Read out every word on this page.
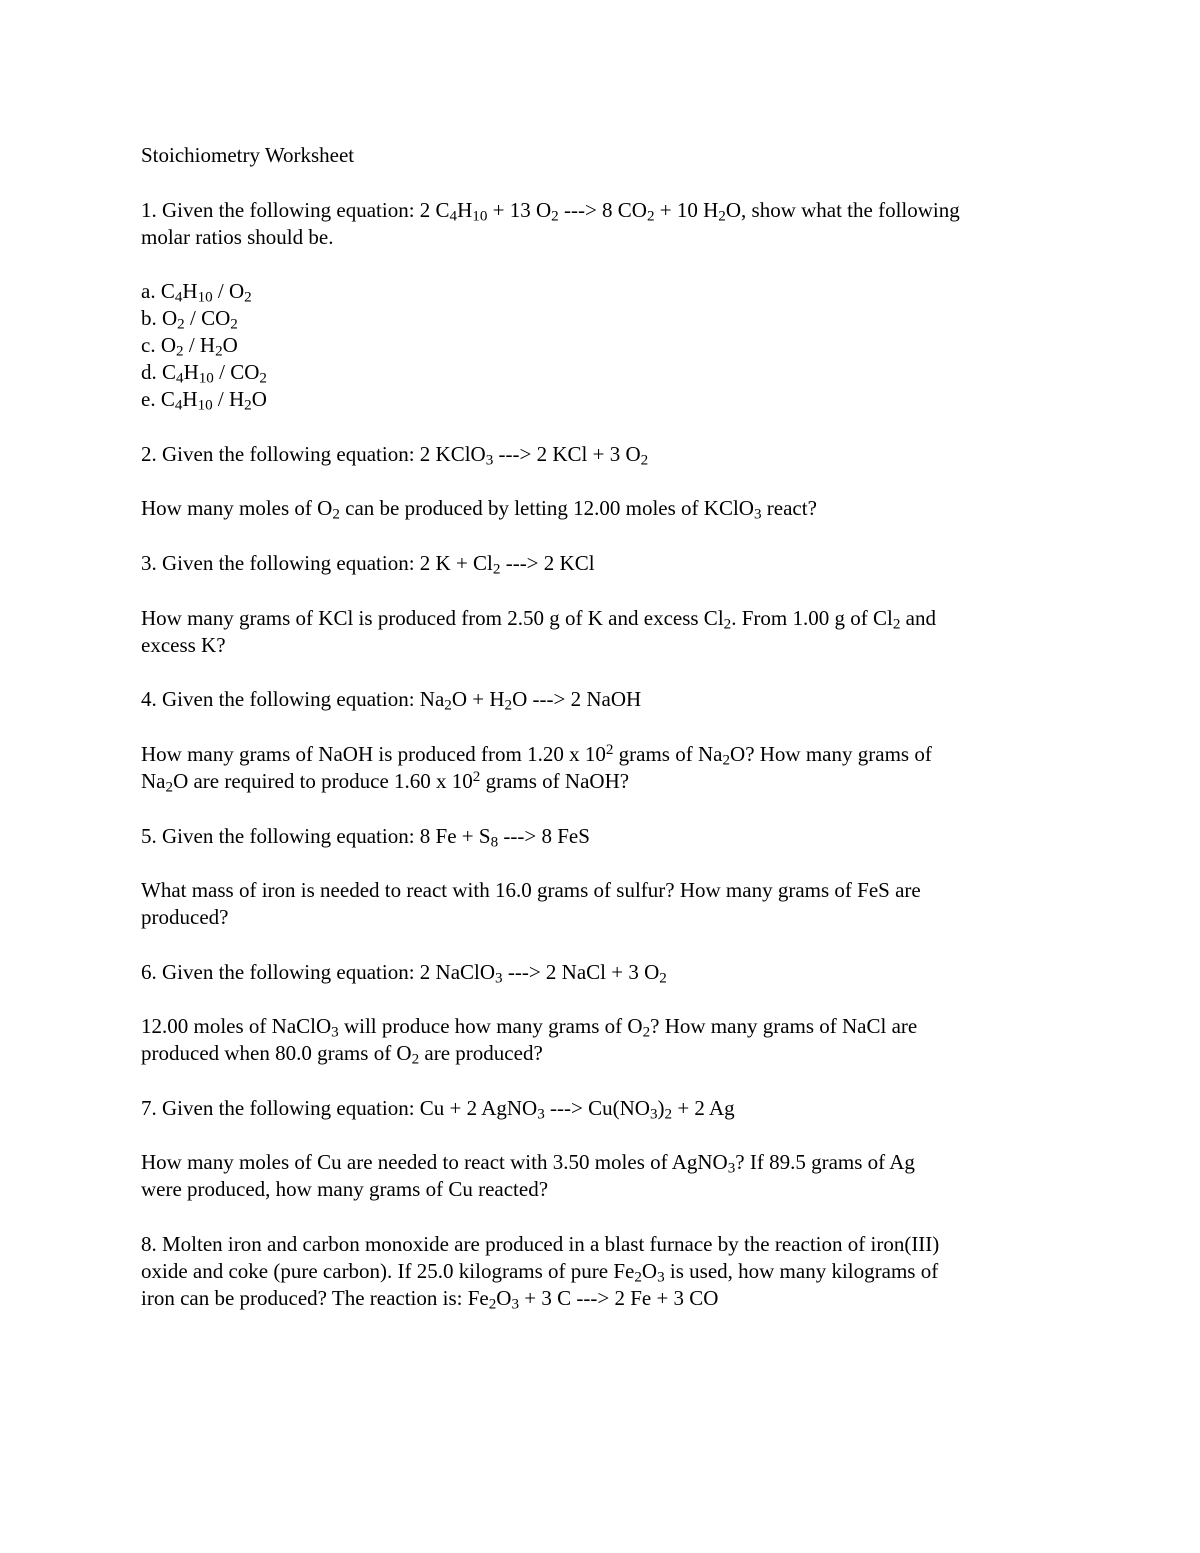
Stoichiometry Worksheet
1. Given the following equation: 2 $C_4H_{10} + 13$ $O_2$ ---> 8 $CO_2 + 10$ $H_2O$, show what the following
molar ratios should be.
a. $C_4H_{10} / O_2$
b. $O_2 / CO_2$
c. $O_2 / H_2O$
d. $C_4H_{10} / CO_2$
e. $C_4H_{10} / H_2O$
2. Given the following equation: 2 KClO$_3$ ---> 2 KCl + 3 $O_2$
How many moles of $O_2$ can be produced by letting 12.00 moles of KClO$_3$ react?
3. Given the following equation: 2 $K + Cl_2$ ---> 2 KCl
How many grams of KCl is produced from 2.50 g of K and excess $Cl_2$. From 1.00 g of $Cl_2$ and
excess K?
4. Given the following equation: $Na_2O + H_2O$ ---> 2 NaOH
How many grams of NaOH is produced from 1.20 x $10^2$ grams of $Na_2O$? How many grams of
$Na_2O$ are required to produce 1.60 x $10^2$ grams of NaOH?
5. Given the following equation: 8 $Fe + S_8$ ---> 8 FeS
What mass of iron is needed to react with 16.0 grams of sulfur? How many grams of FeS are
produced?
6. Given the following equation: 2 NaClO$_3$ ---> 2 NaCl + 3 $O_2$
12.00 moles of NaClO$_3$ will produce how many grams of $O_2$? How many grams of NaCl are
produced when 80.0 grams of $O_2$ are produced?
7. Given the following equation: Cu + 2 AgNO$_3$ ---> $Cu(NO_3)_2 + 2$ Ag
How many moles of Cu are needed to react with 3.50 moles of AgNO$_3$? If 89.5 grams of Ag
were produced, how many grams of Cu reacted?
8. Molten iron and carbon monoxide are produced in a blast furnace by the reaction of iron(III)
oxide and coke (pure carbon). If 25.0 kilograms of pure $Fe_2O_3$ is used, how many kilograms of
iron can be produced? The reaction is: $Fe_2O_3 + 3$ C ---> 2 Fe + 3 CO
